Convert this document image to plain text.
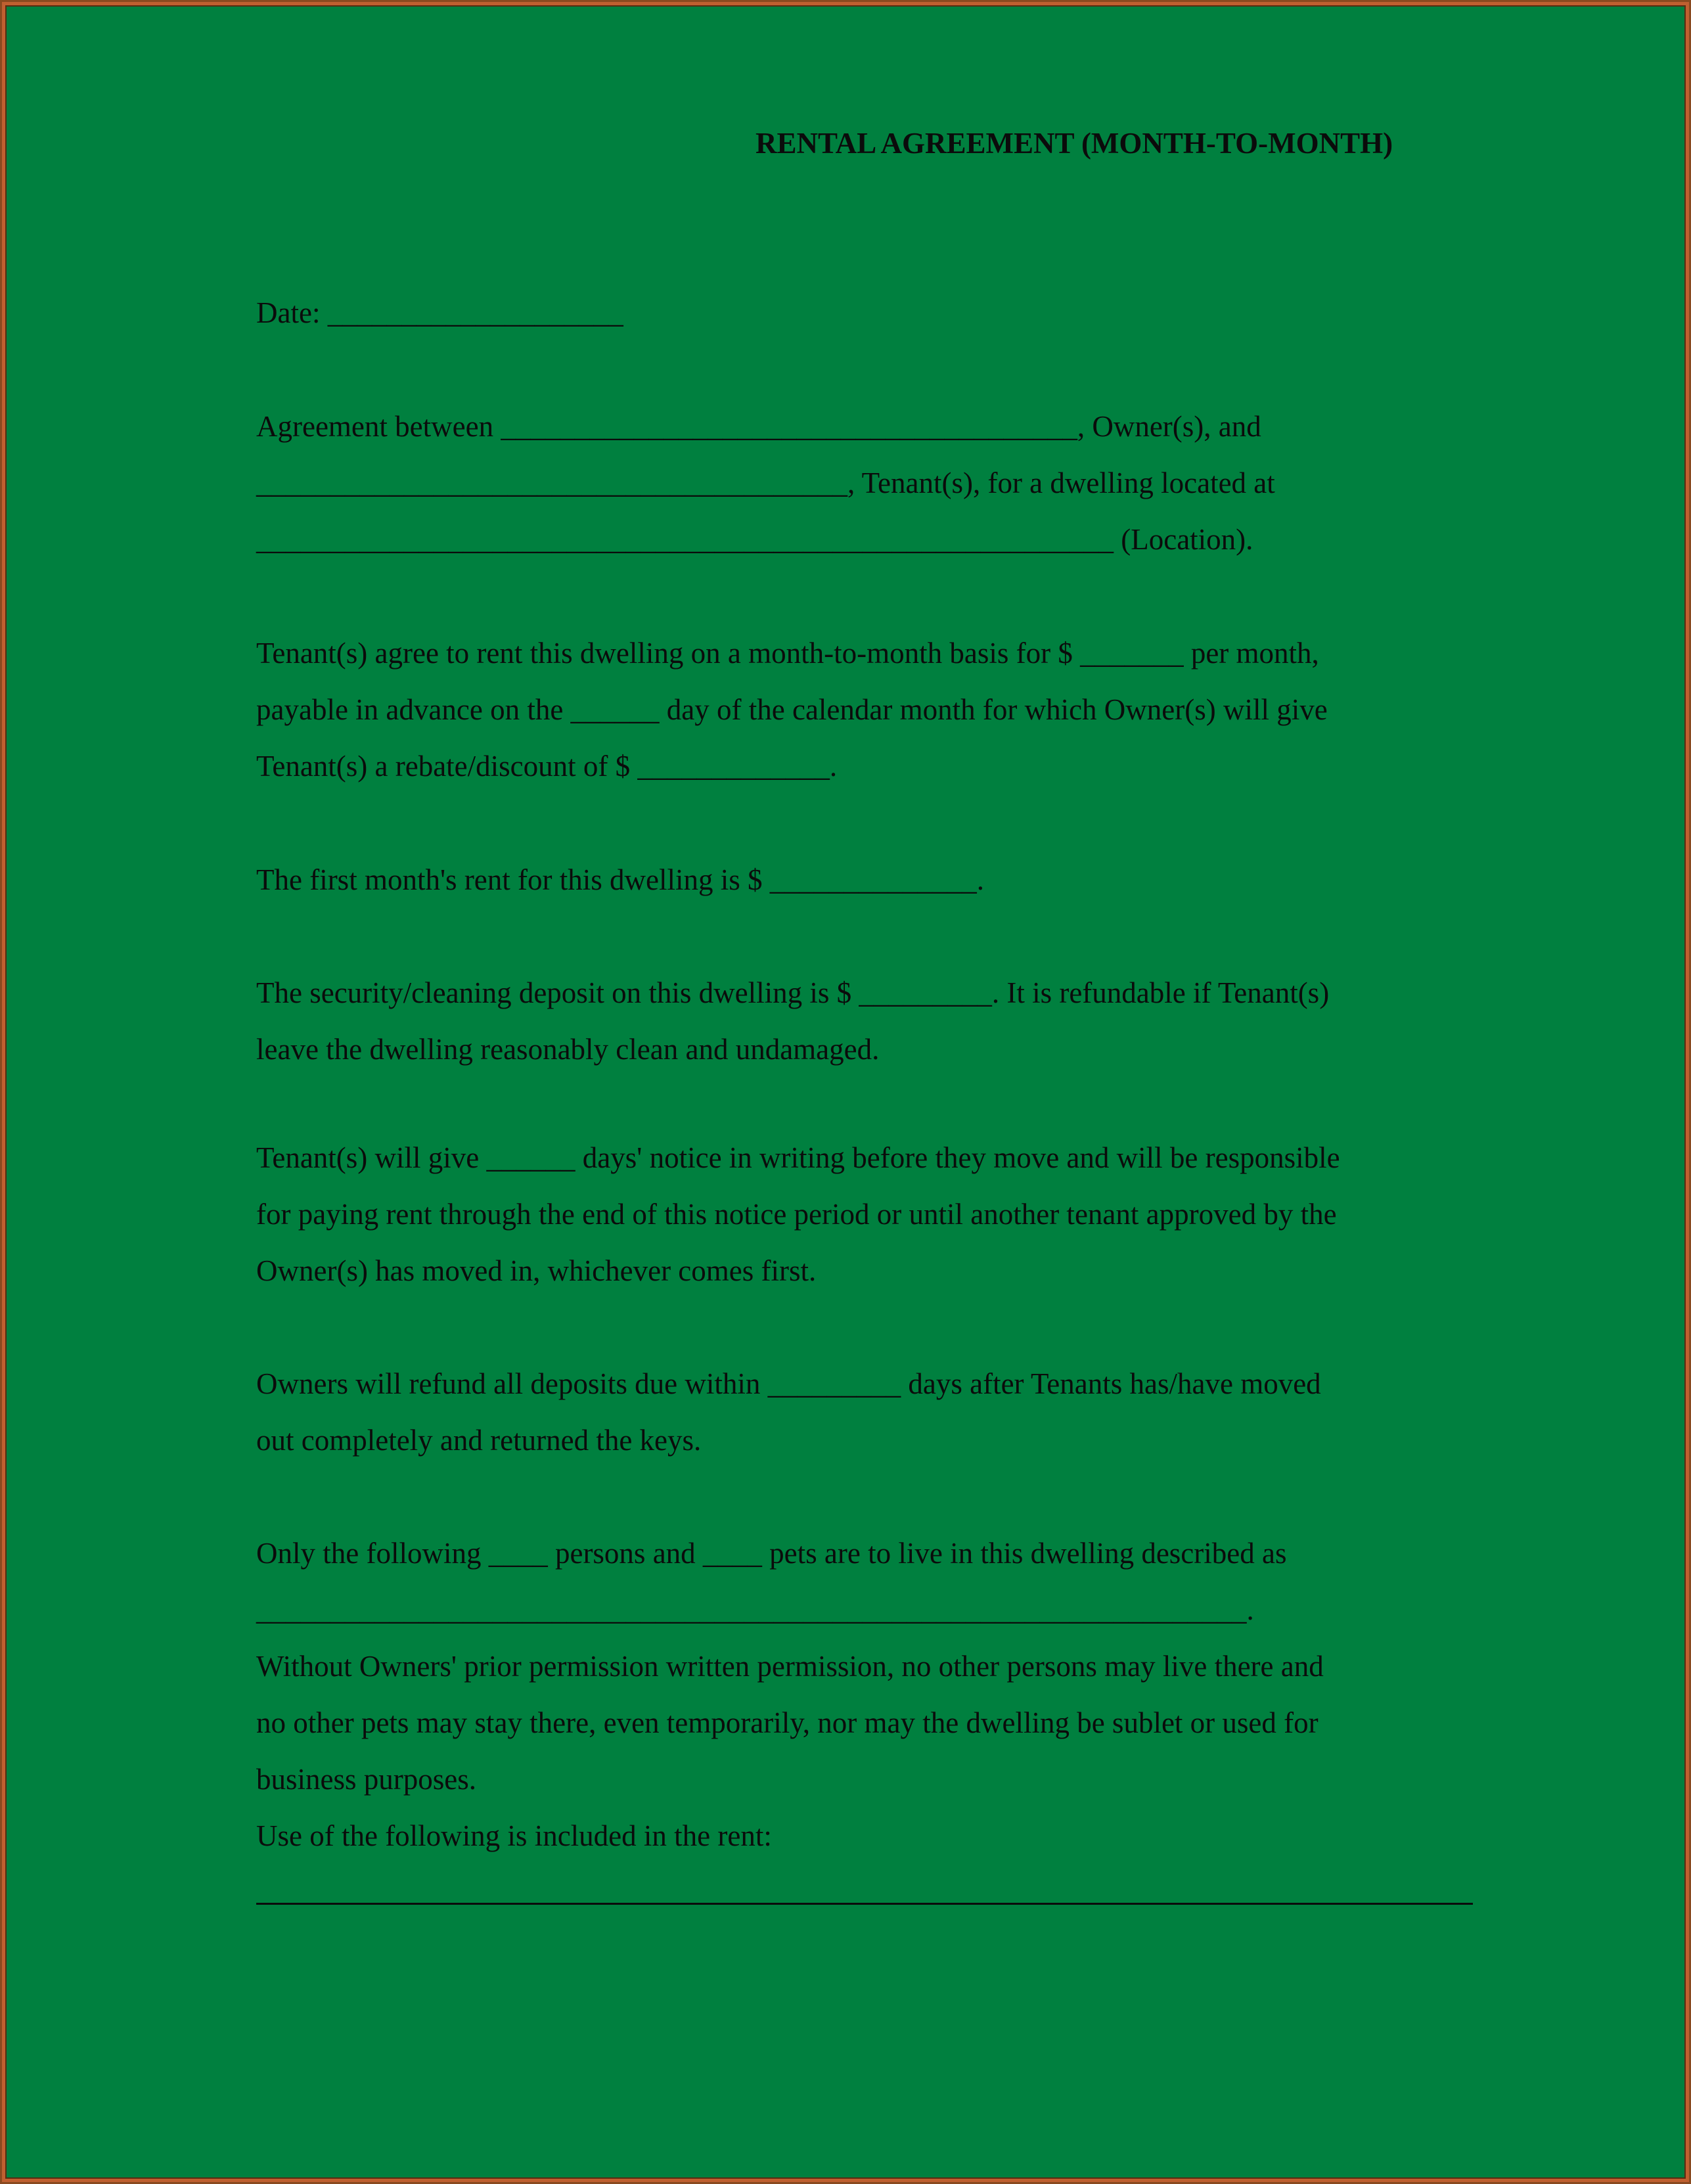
RENTAL AGREEMENT (MONTH-TO-MONTH)
Date: ____________________
Agreement between _______________________________________, Owner(s), and
________________________________________, Tenant(s), for a dwelling located at
__________________________________________________________ (Location).
Tenant(s) agree to rent this dwelling on a month-to-month basis for $ _______ per month,
payable in advance on the ______ day of the calendar month for which Owner(s) will give
Tenant(s) a rebate/discount of $ _____________.
The first month's rent for this dwelling is $ ______________.
The security/cleaning deposit on this dwelling is $ _________. It is refundable if Tenant(s)
leave the dwelling reasonably clean and undamaged.
Tenant(s) will give ______ days' notice in writing before they move and will be responsible
for paying rent through the end of this notice period or until another tenant approved by the
Owner(s) has moved in, whichever comes first.
Owners will refund all deposits due within _________ days after Tenants has/have moved
out completely and returned the keys.
Only the following ____ persons and ____ pets are to live in this dwelling described as
___________________________________________________________________.
Without Owners' prior permission written permission, no other persons may live there and
no other pets may stay there, even temporarily, nor may the dwelling be sublet or used for
business purposes.
Use of the following is included in the rent:
